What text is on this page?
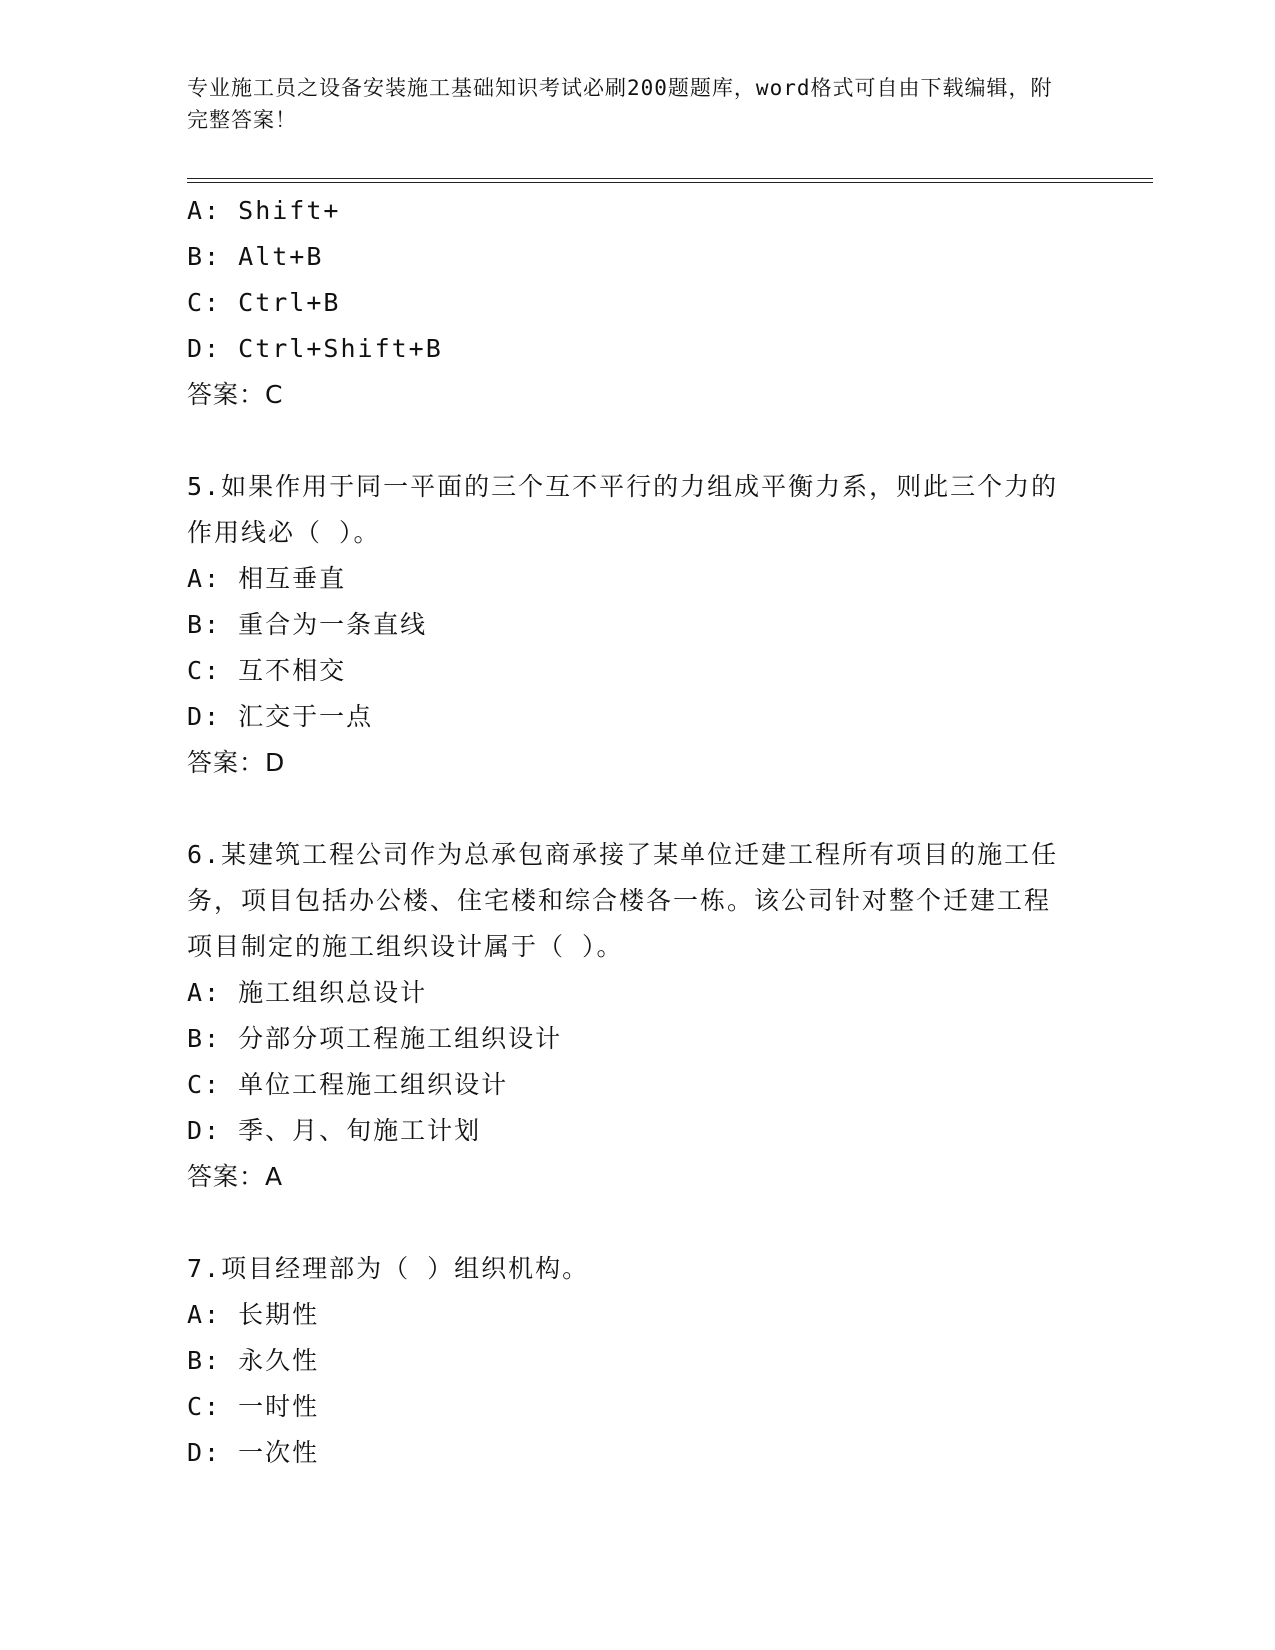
专业施工员之设备安装施工基础知识考试必刷200题题库，word格式可自由下载编辑，附完整答案！
A: Shift+
B: Alt+B
C: Ctrl+B
D: Ctrl+Shift+B
答案：C
5.如果作用于同一平面的三个互不平行的力组成平衡力系，则此三个力的作用线必（ ）。
A: 相互垂直
B: 重合为一条直线
C: 互不相交
D: 汇交于一点
答案：D
6.某建筑工程公司作为总承包商承接了某单位迁建工程所有项目的施工任务，项目包括办公楼、住宅楼和综合楼各一栋。该公司针对整个迁建工程项目制定的施工组织设计属于（ ）。
A: 施工组织总设计
B: 分部分项工程施工组织设计
C: 单位工程施工组织设计
D: 季、月、旬施工计划
答案：A
7.项目经理部为（ ）组织机构。
A: 长期性
B: 永久性
C: 一时性
D: 一次性
